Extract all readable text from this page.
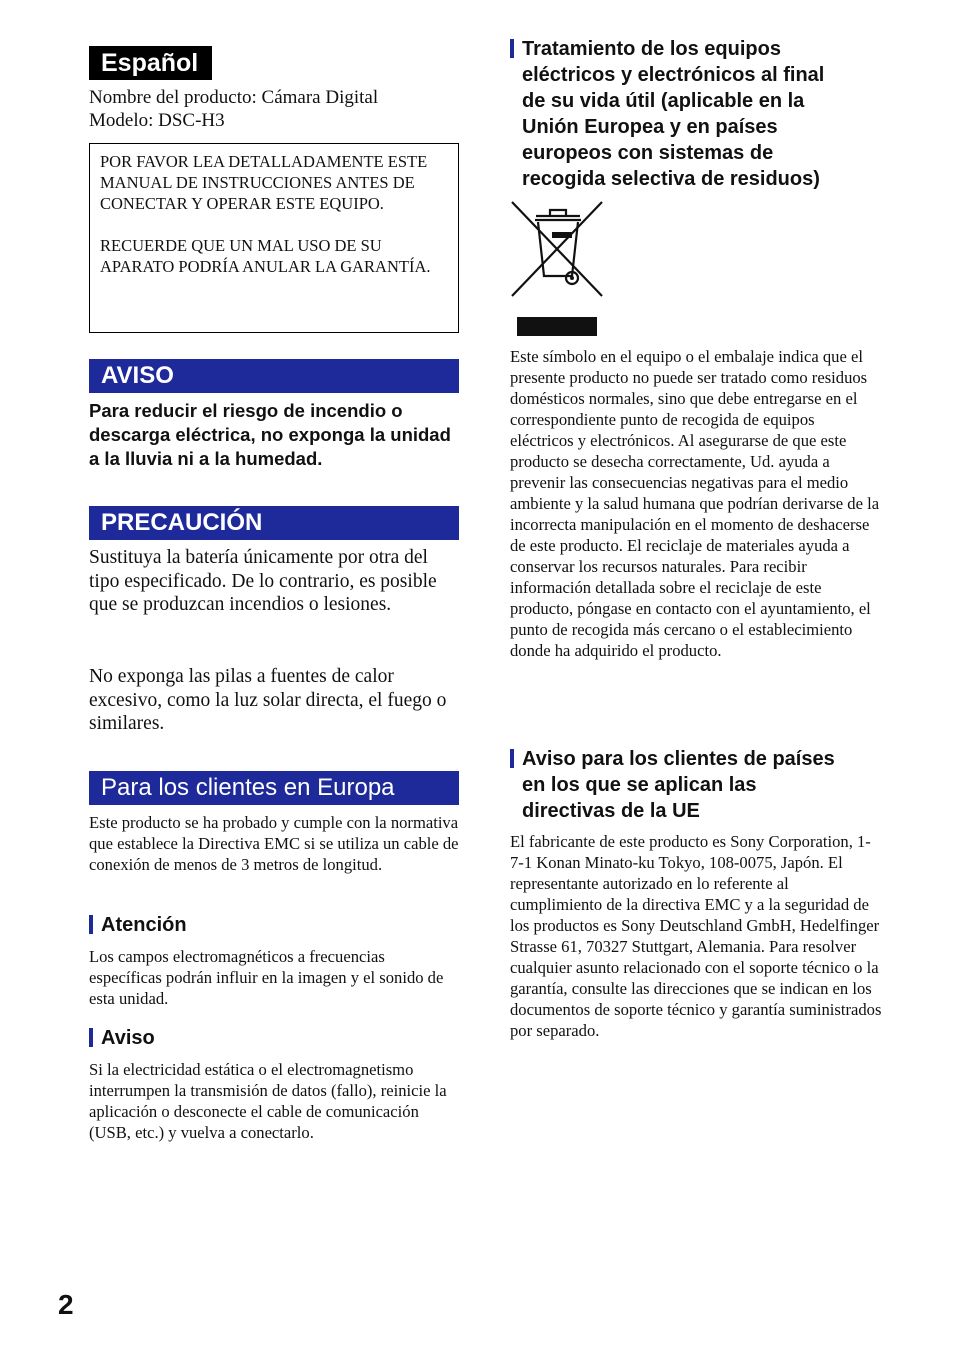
Español
Nombre del producto: Cámara Digital
Modelo: DSC-H3

POR FAVOR LEA DETALLADAMENTE ESTE MANUAL DE INSTRUCCIONES ANTES DE CONECTAR Y OPERAR ESTE EQUIPO.

RECUERDE QUE UN MAL USO DE SU APARATO PODRÍA ANULAR LA GARANTÍA.

AVISO
Para reducir el riesgo de incendio o descarga eléctrica, no exponga la unidad a la lluvia ni a la humedad.
PRECAUCIÓN
Sustituya la batería únicamente por otra del tipo especificado. De lo contrario, es posible que se produzcan incendios o lesiones.
No exponga las pilas a fuentes de calor excesivo, como la luz solar directa, el fuego o similares.
Para los clientes en Europa
Este producto se ha probado y cumple con la normativa que establece la Directiva EMC si se utiliza un cable de conexión de menos de 3 metros de longitud.
Atención
Los campos electromagnéticos a frecuencias específicas podrán influir en la imagen y el sonido de esta unidad.
Aviso
Si la electricidad estática o el electromagnetismo interrumpen la transmisión de datos (fallo), reinicie la aplicación o desconecte el cable de comunicación (USB, etc.) y vuelva a conectarlo.
Tratamiento de los equipos
eléctricos y electrónicos al final
de su vida útil (aplicable en la
Unión Europea y en países
europeos con sistemas de
recogida selectiva de residuos)
Este símbolo en el equipo o el embalaje indica que el presente producto no puede ser tratado como residuos domésticos normales, sino que debe entregarse en el correspondiente punto de recogida de equipos eléctricos y electrónicos. Al asegurarse de que este producto se desecha correctamente, Ud. ayuda a prevenir las consecuencias negativas para el medio ambiente y la salud humana que podrían derivarse de la incorrecta manipulación en el momento de deshacerse de este producto. El reciclaje de materiales ayuda a conservar los recursos naturales. Para recibir información detallada sobre el reciclaje de este producto, póngase en contacto con el ayuntamiento, el punto de recogida más cercano o el establecimiento donde ha adquirido el producto.
Aviso para los clientes de países
en los que se aplican las
directivas de la UE
El fabricante de este producto es Sony Corporation, 1-7-1 Konan Minato-ku Tokyo, 108-0075, Japón. El representante autorizado en lo referente al cumplimiento de la directiva EMC y a la seguridad de los productos es Sony Deutschland GmbH, Hedelfinger Strasse 61, 70327 Stuttgart, Alemania. Para resolver cualquier asunto relacionado con el soporte técnico o la garantía, consulte las direcciones que se indican en los documentos de soporte técnico y garantía suministrados por separado.
2
